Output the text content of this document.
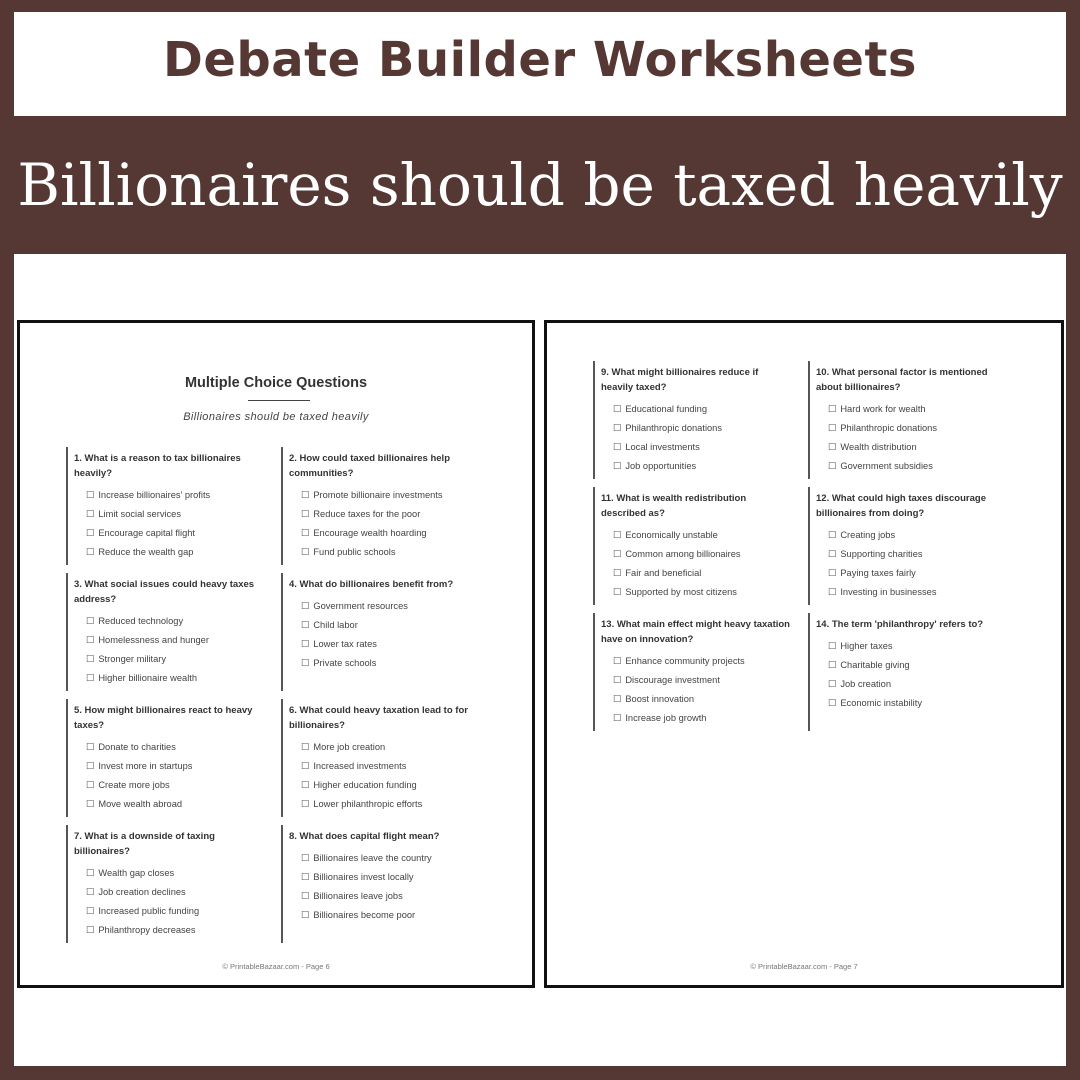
Debate Builder Worksheets
Billionaires should be taxed heavily
Multiple Choice Questions
Billionaires should be taxed heavily
1. What is a reason to tax billionaires heavily?
☐ Increase billionaires' profits
☐ Limit social services
☐ Encourage capital flight
☐ Reduce the wealth gap
2. How could taxed billionaires help communities?
☐ Promote billionaire investments
☐ Reduce taxes for the poor
☐ Encourage wealth hoarding
☐ Fund public schools
3. What social issues could heavy taxes address?
☐ Reduced technology
☐ Homelessness and hunger
☐ Stronger military
☐ Higher billionaire wealth
4. What do billionaires benefit from?
☐ Government resources
☐ Child labor
☐ Lower tax rates
☐ Private schools
5. How might billionaires react to heavy taxes?
☐ Donate to charities
☐ Invest more in startups
☐ Create more jobs
☐ Move wealth abroad
6. What could heavy taxation lead to for billionaires?
☐ More job creation
☐ Increased investments
☐ Higher education funding
☐ Lower philanthropic efforts
7. What is a downside of taxing billionaires?
☐ Wealth gap closes
☐ Job creation declines
☐ Increased public funding
☐ Philanthropy decreases
8. What does capital flight mean?
☐ Billionaires leave the country
☐ Billionaires invest locally
☐ Billionaires leave jobs
☐ Billionaires become poor
© PrintableBazaar.com - Page 6
9. What might billionaires reduce if heavily taxed?
☐ Educational funding
☐ Philanthropic donations
☐ Local investments
☐ Job opportunities
10. What personal factor is mentioned about billionaires?
☐ Hard work for wealth
☐ Philanthropic donations
☐ Wealth distribution
☐ Government subsidies
11. What is wealth redistribution described as?
☐ Economically unstable
☐ Common among billionaires
☐ Fair and beneficial
☐ Supported by most citizens
12. What could high taxes discourage billionaires from doing?
☐ Creating jobs
☐ Supporting charities
☐ Paying taxes fairly
☐ Investing in businesses
13. What main effect might heavy taxation have on innovation?
☐ Enhance community projects
☐ Discourage investment
☐ Boost innovation
☐ Increase job growth
14. The term 'philanthropy' refers to?
☐ Higher taxes
☐ Charitable giving
☐ Job creation
☐ Economic instability
© PrintableBazaar.com - Page 7
